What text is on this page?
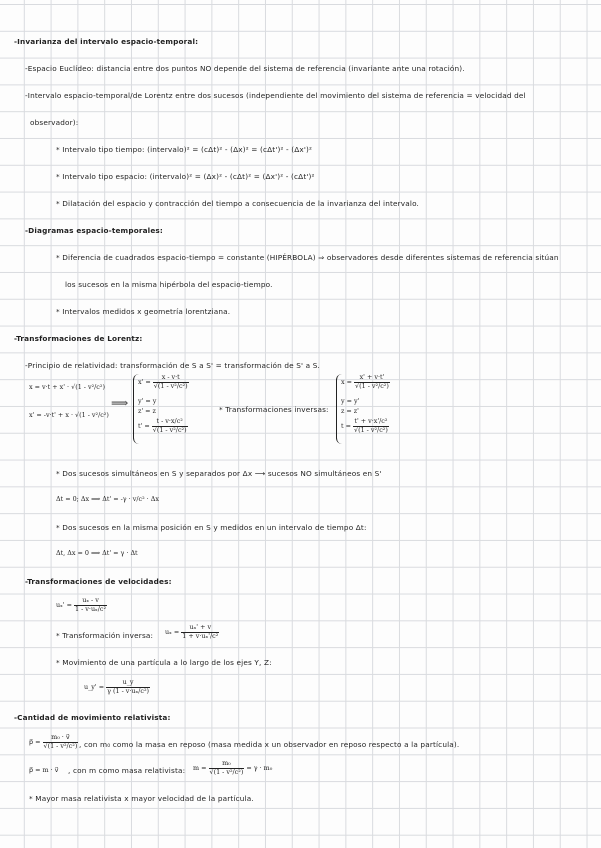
-Invarianza del intervalo espacio-temporal:
-Espacio Euclídeo: distancia entre dos puntos NO depende del sistema de referencia (invariante ante una rotación).
-Intervalo espacio-temporal/de Lorentz entre dos sucesos (independiente del movimiento del sistema de referencia = velocidad del
observador):
* Intervalo tipo tiempo: (intervalo)² = (cΔt)² - (Δx)² = (cΔt')² - (Δx')²
* Intervalo tipo espacio: (intervalo)² = (Δx)² - (cΔt)² = (Δx')² - (cΔt')²
* Dilatación del espacio y contracción del tiempo a consecuencia de la invarianza del intervalo.
-Diagramas espacio-temporales:
* Diferencia de cuadrados espacio-tiempo = constante (HIPÉRBOLA) ⇒ observadores desde diferentes sistemas de referencia sitúan
los sucesos en la misma hipérbola del espacio-tiempo.
* Intervalos medidos x geometría lorentziana.
-Transformaciones de Lorentz:
-Principio de relatividad: transformación de S a S' = transformación de S' a S.
x = v·t + x' · √(1 - v²/c²)
x' = -v·t' + x · √(1 - v²/c²)
⟹
$x' = \frac{x - v\cdot t}{\text{√(1 - v²/c²)}}$
y' = y
z' = z
$t' = \frac{\text{t - v·x/c²}}{\text{√(1 - v²/c²)}}$
* Transformaciones inversas:
$x = \frac{x' + v\cdot t'}{\text{√(1 - v²/c²)}}$
y = y'
z = z'
$t = \frac{\text{t' + v·x'/c²}}{\text{√(1 - v²/c²)}}$
* Dos sucesos simultáneos en S y separados por Δx ⟶ sucesos NO simultáneos en S'
Δt = 0; Δx ⟹ Δt' = -γ · v/c² · Δx
* Dos sucesos en la misma posición en S y medidos en un intervalo de tiempo Δt:
Δt, Δx = 0 ⟹ Δt' = γ · Δt
-Transformaciones de velocidades:
$u_x' = \frac{\text{uₓ - v}}{\text{1 - v·uₓ/c²}}$
* Transformación inversa: $u_x = \frac{\text{uₓ' + v}}{\text{1 + v·uₓ'/c²}}$
* Movimiento de una partícula a lo largo de los ejes Y, Z:
u_y' = $\frac{u\_y}{\text{γ (1 - v·uₓ/c²)}}$
-Cantidad de movimiento relativista:
p⃗ = $\frac{\text{m₀ · v⃗}}{\text{√(1 - v²/c²)}}$ , con m₀ como la masa en reposo (masa medida x un observador en reposo respecto a la partícula).
p⃗ = m · v⃗ , con m como masa relativista: $m = \frac{\text{m₀}}{\text{√(1 - v²/c²)}} = \gamma \cdot m_0$
* Mayor masa relativista x mayor velocidad de la partícula.
